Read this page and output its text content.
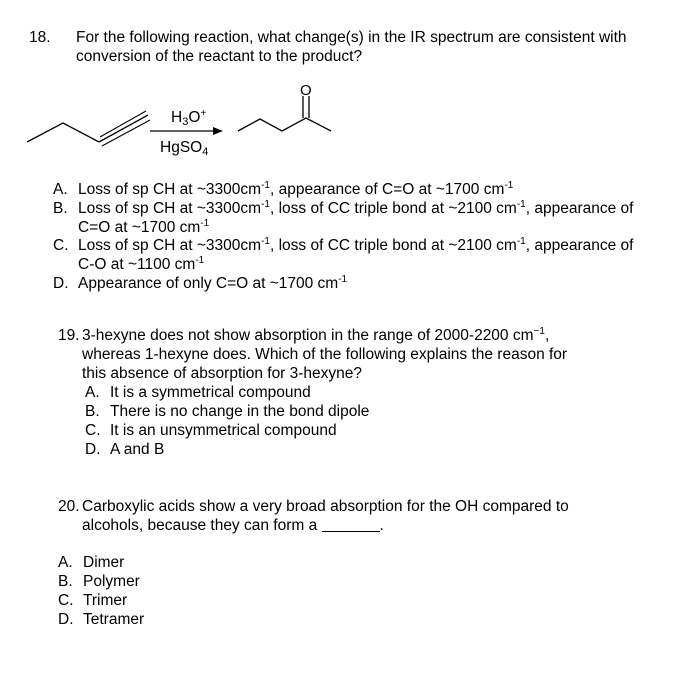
18. For the following reaction, what change(s) in the IR spectrum are consistent with
conversion of the reactant to the product?
O
$H_3O^+$
HgSO$_4$
A. Loss of sp CH at $\sim 3300cm^{-1}$, appearance of C=O at ~1700 $cm^{-1}$
B. Loss of sp CH at $\sim 3300cm^{-1}$, loss of CC triple bond at ~2100 $cm^{-1}$, appearance of
C=O at ~1700 $cm^{-1}$
C. Loss of sp CH at $\sim 3300cm^{-1}$, loss of CC triple bond at ~2100 $cm^{-1}$, appearance of
C-O at ~1100 $cm^{-1}$
D. Appearance of only C=O at ~1700 $cm^{-1}$
19. 3-hexyne does not show absorption in the range of 2000-2200 $cm^{-1}$,
whereas 1-hexyne does. Which of the following explains the reason for
this absence of absorption for 3-hexyne?
A. It is a symmetrical compound
B. There is no change in the bond dipole
C. It is an unsymmetrical compound
D. A and B
20. Carboxylic acids show a very broad absorption for the OH compared to
alcohols, because they can form a	.
A. Dimer
B. Polymer
C. Trimer
D. Tetramer
